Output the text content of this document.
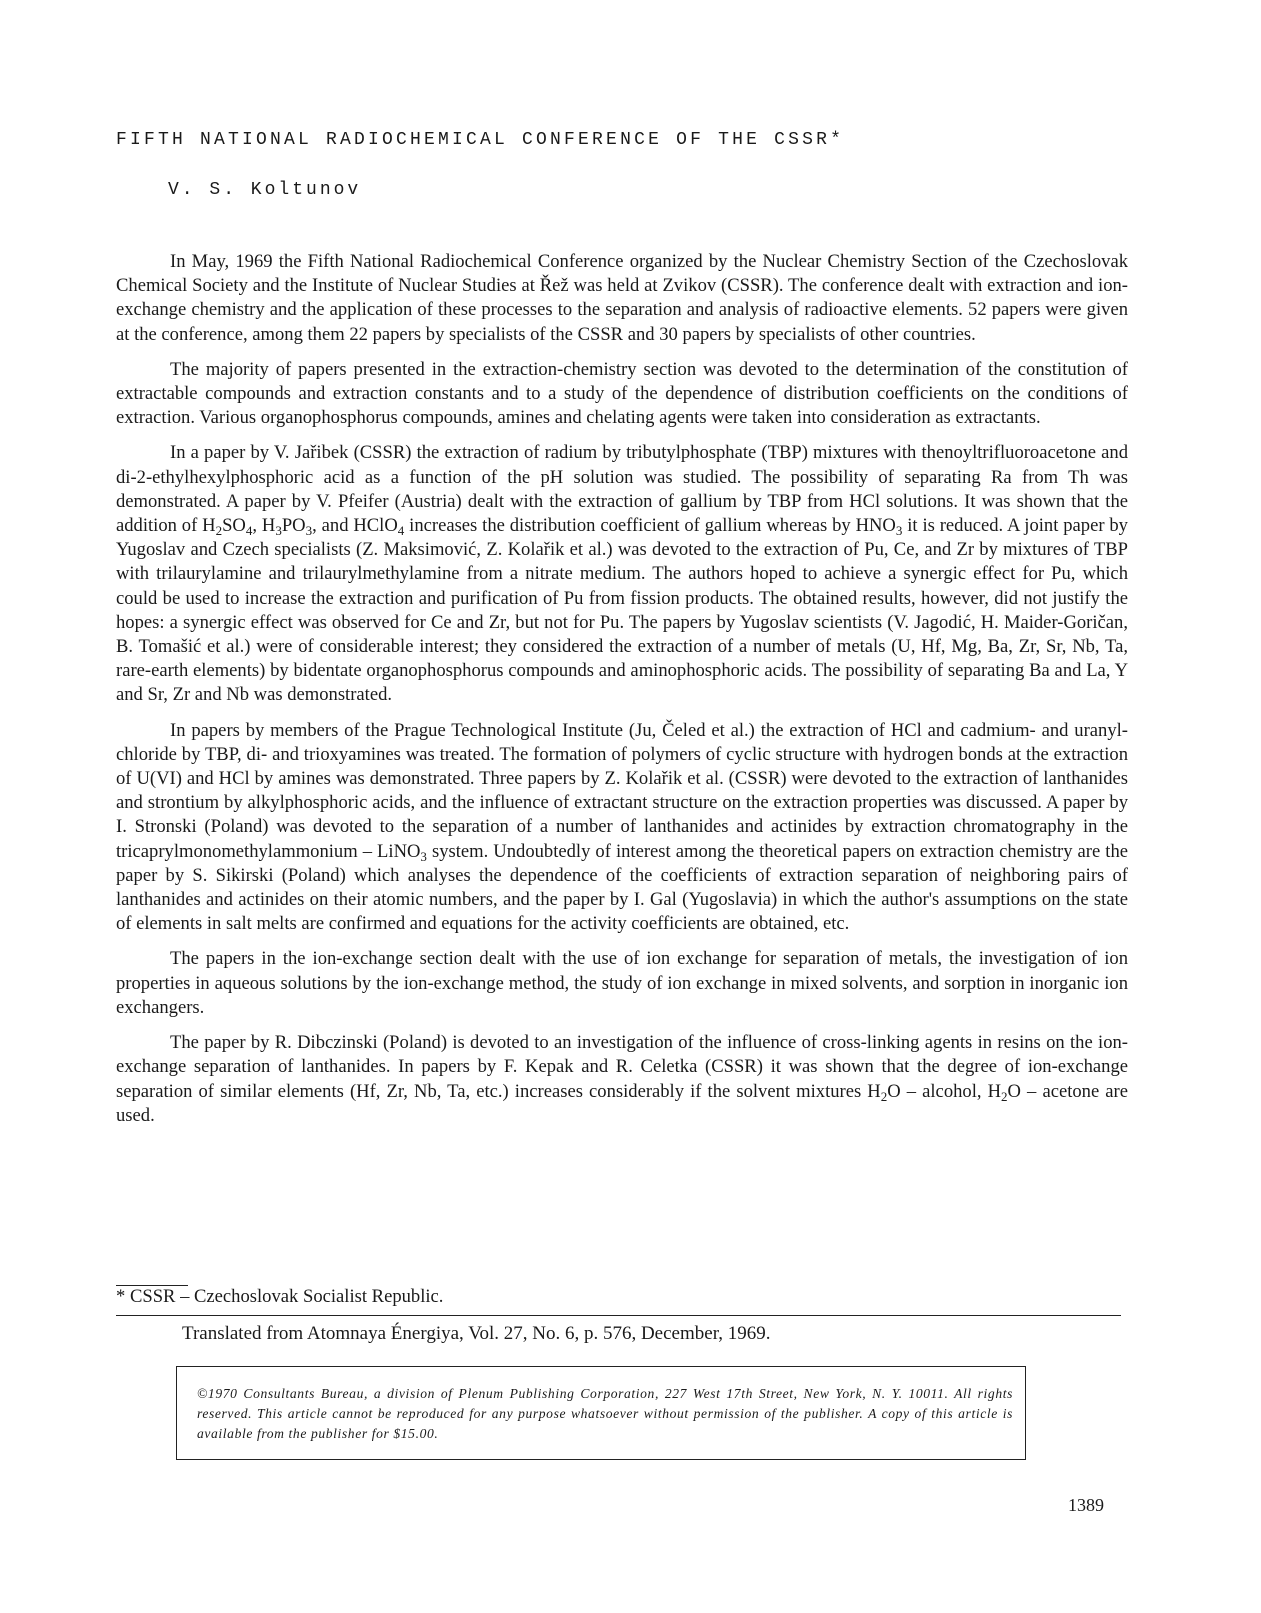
FIFTH NATIONAL RADIOCHEMICAL CONFERENCE OF THE CSSR*
V. S. Koltunov

In May, 1969 the Fifth National Radiochemical Conference organized by the Nuclear Chemistry Section of the Czechoslovak Chemical Society and the Institute of Nuclear Studies at Řež was held at Zvikov (CSSR). The conference dealt with extraction and ion-exchange chemistry and the application of these processes to the separation and analysis of radioactive elements. 52 papers were given at the conference, among them 22 papers by specialists of the CSSR and 30 papers by specialists of other countries.

The majority of papers presented in the extraction-chemistry section was devoted to the determination of the constitution of extractable compounds and extraction constants and to a study of the dependence of distribution coefficients on the conditions of extraction. Various organophosphorus compounds, amines and chelating agents were taken into consideration as extractants.

In a paper by V. Jařibek (CSSR) the extraction of radium by tributylphosphate (TBP) mixtures with thenoyltrifluoroacetone and di-2-ethylhexylphosphoric acid as a function of the pH solution was studied. The possibility of separating Ra from Th was demonstrated. A paper by V. Pfeifer (Austria) dealt with the extraction of gallium by TBP from HCl solutions. It was shown that the addition of $H_2SO_4$, $H_3PO_3$, and HClO$_4$ increases the distribution coefficient of gallium whereas by $HNO_3$ it is reduced. A joint paper by Yugoslav and Czech specialists (Z. Maksimović, Z. Kolařik et al.) was devoted to the extraction of Pu, Ce, and Zr by mixtures of TBP with trilaurylamine and trilaurylmethylamine from a nitrate medium. The authors hoped to achieve a synergic effect for Pu, which could be used to increase the extraction and purification of Pu from fission products. The obtained results, however, did not justify the hopes: a synergic effect was observed for Ce and Zr, but not for Pu. The papers by Yugoslav scientists (V. Jagodić, H. Maider-Goričan, B. Tomašić et al.) were of considerable interest; they considered the extraction of a number of metals (U, Hf, Mg, Ba, Zr, Sr, Nb, Ta, rare-earth elements) by bidentate organophosphorus compounds and aminophosphoric acids. The possibility of separating Ba and La, Y and Sr, Zr and Nb was demonstrated.

In papers by members of the Prague Technological Institute (Ju, Čeled et al.) the extraction of HCl and cadmium- and uranyl-chloride by TBP, di- and trioxyamines was treated. The formation of polymers of cyclic structure with hydrogen bonds at the extraction of U(VI) and HCl by amines was demonstrated. Three papers by Z. Kolařik et al. (CSSR) were devoted to the extraction of lanthanides and strontium by alkylphosphoric acids, and the influence of extractant structure on the extraction properties was discussed. A paper by I. Stronski (Poland) was devoted to the separation of a number of lanthanides and actinides by extraction chromatography in the tricaprylmonomethylammonium – LiNO$_3$ system. Undoubtedly of interest among the theoretical papers on extraction chemistry are the paper by S. Sikirski (Poland) which analyses the dependence of the coefficients of extraction separation of neighboring pairs of lanthanides and actinides on their atomic numbers, and the paper by I. Gal (Yugoslavia) in which the author's assumptions on the state of elements in salt melts are confirmed and equations for the activity coefficients are obtained, etc.

The papers in the ion-exchange section dealt with the use of ion exchange for separation of metals, the investigation of ion properties in aqueous solutions by the ion-exchange method, the study of ion exchange in mixed solvents, and sorption in inorganic ion exchangers.

The paper by R. Dibczinski (Poland) is devoted to an investigation of the influence of cross-linking agents in resins on the ion-exchange separation of lanthanides. In papers by F. Kepak and R. Celetka (CSSR) it was shown that the degree of ion-exchange separation of similar elements (Hf, Zr, Nb, Ta, etc.) increases considerably if the solvent mixtures $H_2O$ – alcohol, $H_2O$ – acetone are used.

* CSSR – Czechoslovak Socialist Republic.
Translated from Atomnaya Énergiya, Vol. 27, No. 6, p. 576, December, 1969.
©1970 Consultants Bureau, a division of Plenum Publishing Corporation, 227 West 17th Street, New York, N. Y. 10011. All rights reserved. This article cannot be reproduced for any purpose whatsoever without permission of the publisher. A copy of this article is available from the publisher for $15.00.
1389
